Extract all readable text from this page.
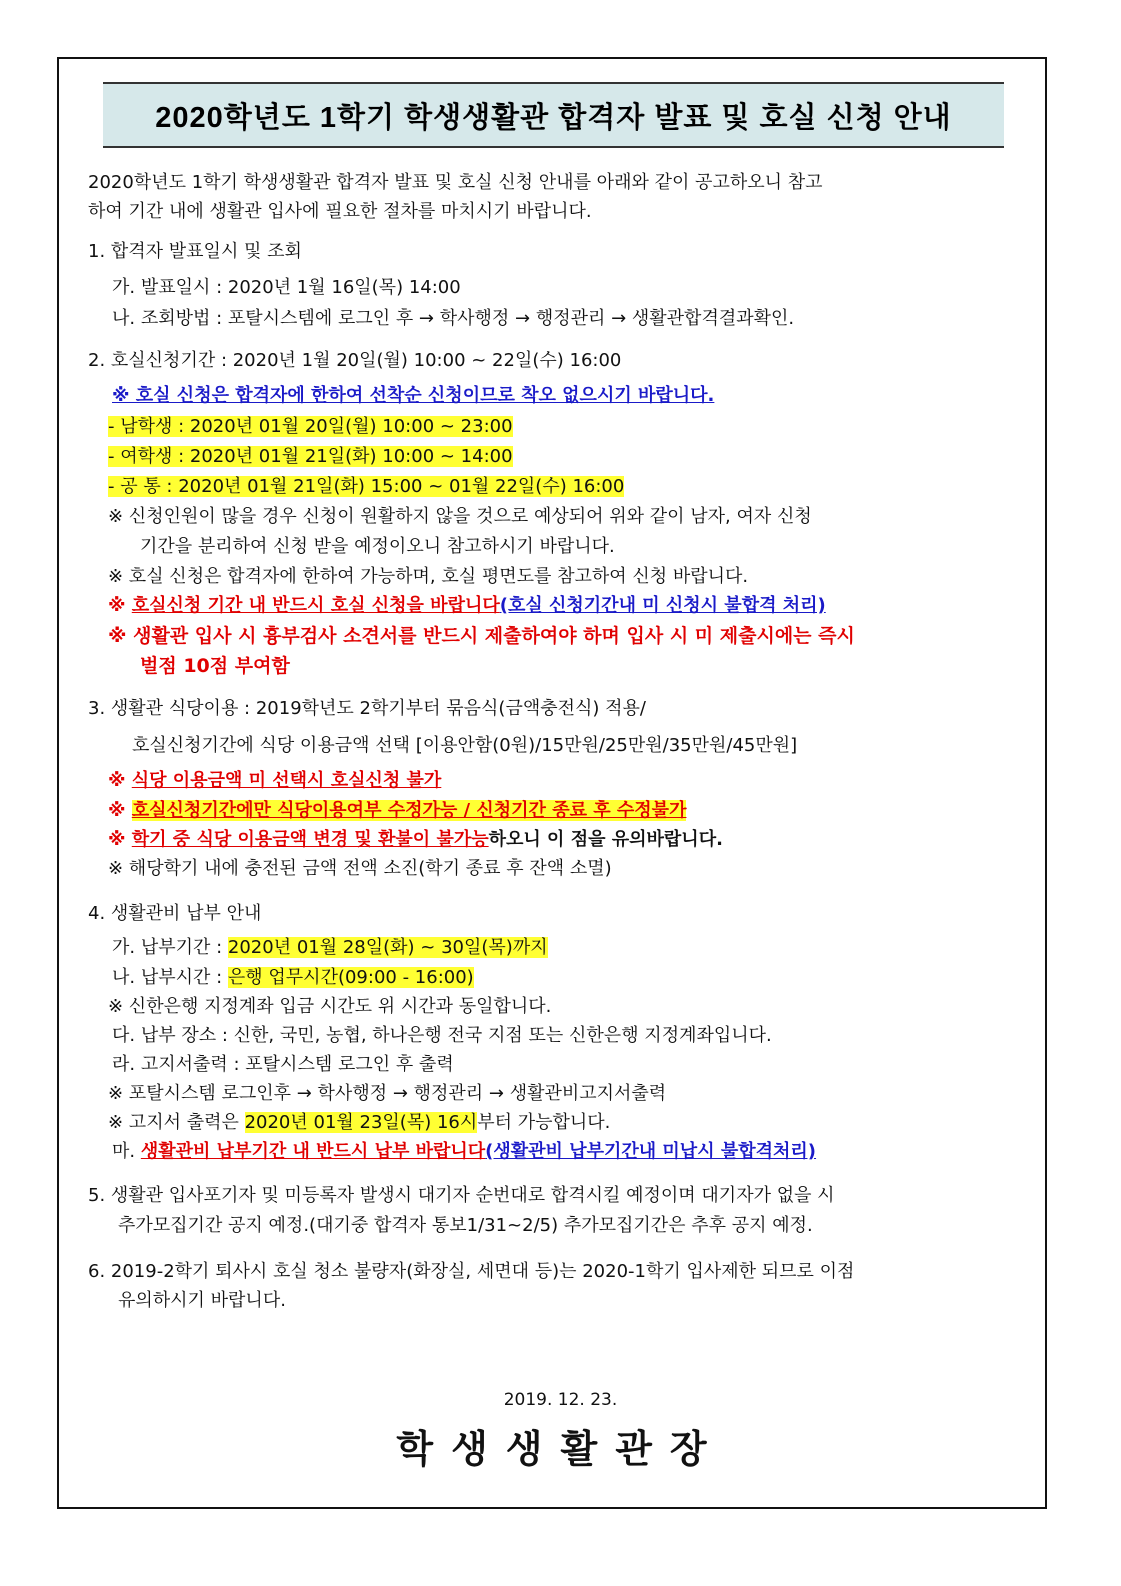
2020학년도 1학기 학생생활관 합격자 발표 및 호실 신청 안내
2020학년도 1학기 학생생활관 합격자 발표 및 호실 신청 안내를 아래와 같이 공고하오니 참고
하여 기간 내에 생활관 입사에 필요한 절차를 마치시기 바랍니다.
1. 합격자 발표일시 및 조회
가. 발표일시 : 2020년 1월 16일(목) 14:00
나. 조회방법 : 포탈시스템에 로그인 후 → 학사행정 → 행정관리 → 생활관합격결과확인.
2. 호실신청기간 : 2020년 1월 20일(월) 10:00 ~ 22일(수) 16:00
※ 호실 신청은 합격자에 한하여 선착순 신청이므로 착오 없으시기 바랍니다.
- 남학생 : 2020년 01월 20일(월) 10:00 ~ 23:00
- 여학생 : 2020년 01월 21일(화) 10:00 ~ 14:00
- 공 통 : 2020년 01월 21일(화) 15:00 ~ 01월 22일(수) 16:00
※ 신청인원이 많을 경우 신청이 원활하지 않을 것으로 예상되어 위와 같이 남자, 여자 신청
기간을 분리하여 신청 받을 예정이오니 참고하시기 바랍니다.
※ 호실 신청은 합격자에 한하여 가능하며, 호실 평면도를 참고하여 신청 바랍니다.
※ 호실신청 기간 내 반드시 호실 신청을 바랍니다(호실 신청기간내 미 신청시 불합격 처리)
※ 생활관 입사 시 흉부검사 소견서를 반드시 제출하여야 하며 입사 시 미 제출시에는 즉시
벌점 10점 부여함
3. 생활관 식당이용 : 2019학년도 2학기부터 묶음식(금액충전식) 적용/
호실신청기간에 식당 이용금액 선택 [이용안함(0원)/15만원/25만원/35만원/45만원]
※ 식당 이용금액 미 선택시 호실신청 불가
※ 호실신청기간에만 식당이용여부 수정가능 / 신청기간 종료 후 수정불가
※ 학기 중 식당 이용금액 변경 및 환불이 불가능하오니 이 점을 유의바랍니다.
※ 해당학기 내에 충전된 금액 전액 소진(학기 종료 후 잔액 소멸)
4. 생활관비 납부 안내
가. 납부기간 : 2020년 01월 28일(화) ~ 30일(목)까지
나. 납부시간 : 은행 업무시간(09:00 - 16:00)
※ 신한은행 지정계좌 입금 시간도 위 시간과 동일합니다.
다. 납부 장소 : 신한, 국민, 농협, 하나은행 전국 지점 또는 신한은행 지정계좌입니다.
라. 고지서출력 : 포탈시스템 로그인 후 출력
※ 포탈시스템 로그인후 → 학사행정 → 행정관리 → 생활관비고지서출력
※ 고지서 출력은 2020년 01월 23일(목) 16시부터 가능합니다.
마. 생활관비 납부기간 내 반드시 납부 바랍니다(생활관비 납부기간내 미납시 불합격처리)
5. 생활관 입사포기자 및 미등록자 발생시 대기자 순번대로 합격시킬 예정이며 대기자가 없을 시
추가모집기간 공지 예정.(대기중 합격자 통보1/31~2/5) 추가모집기간은 추후 공지 예정.
6. 2019-2학기 퇴사시 호실 청소 불량자(화장실, 세면대 등)는 2020-1학기 입사제한 되므로 이점
유의하시기 바랍니다.
2019. 12. 23.
학생생활관장
